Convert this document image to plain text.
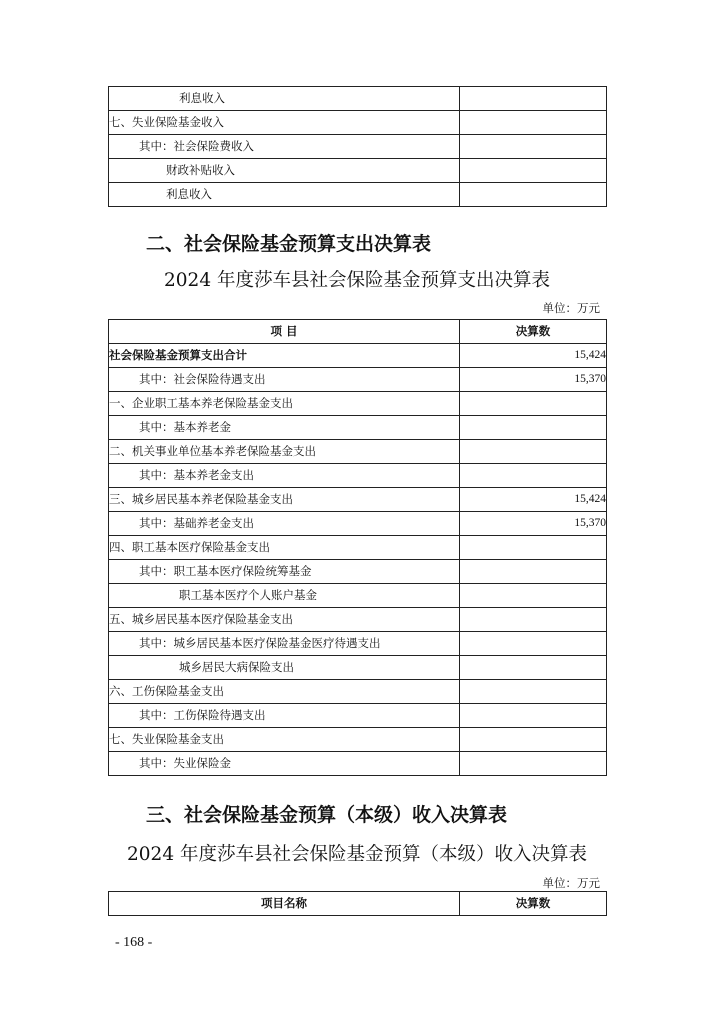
利息收入	
七、失业保险基金收入	
其中：社会保险费收入	
财政补贴收入	
利息收入	
二、社会保险基金预算支出决算表
2024 年度莎车县社会保险基金预算支出决算表
单位：万元
项 目	决算数
社会保险基金预算支出合计	15,424
其中：社会保险待遇支出	15,370
一、企业职工基本养老保险基金支出	
其中：基本养老金	
二、机关事业单位基本养老保险基金支出	
其中：基本养老金支出	
三、城乡居民基本养老保险基金支出	15,424
其中：基础养老金支出	15,370
四、职工基本医疗保险基金支出	
其中：职工基本医疗保险统筹基金	
职工基本医疗个人账户基金	
五、城乡居民基本医疗保险基金支出	
其中：城乡居民基本医疗保险基金医疗待遇支出	
城乡居民大病保险支出	
六、工伤保险基金支出	
其中：工伤保险待遇支出	
七、失业保险基金支出	
其中：失业保险金	
三、社会保险基金预算（本级）收入决算表
2024 年度莎车县社会保险基金预算（本级）收入决算表
单位：万元
项目名称	决算数
- 168 -
